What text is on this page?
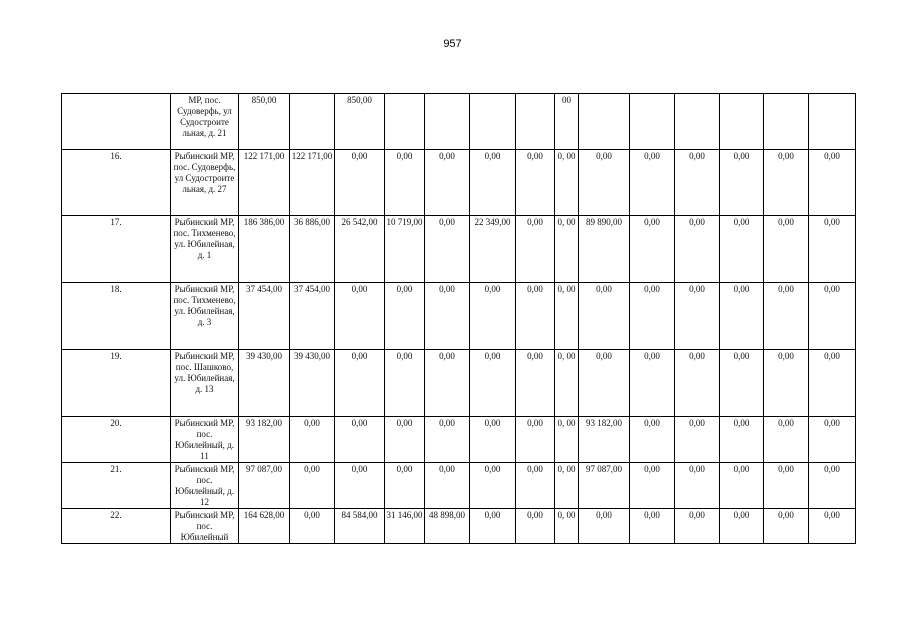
957
	МР, пос. Судоверфь, ул Судостроите льная, д. 21	850,00		850,00					00						
16.	Рыбинский МР, пос. Судоверфь, ул Судостроите льная, д. 27	122 171,00	122 171,00	0,00	0,00	0,00	0,00	0,00	0, 00	0,00	0,00	0,00	0,00	0,00	0,00
17.	Рыбинский МР, пос. Тихменево, ул. Юбилейная, д. 1	186 386,00	36 886,00	26 542,00	10 719,00	0,00	22 349,00	0,00	0, 00	89 890,00	0,00	0,00	0,00	0,00	0,00
18.	Рыбинский МР, пос. Тихменево, ул. Юбилейная, д. 3	37 454,00	37 454,00	0,00	0,00	0,00	0,00	0,00	0, 00	0,00	0,00	0,00	0,00	0,00	0,00
19.	Рыбинский МР, пос. Шашково, ул. Юбилейная, д. 13	39 430,00	39 430,00	0,00	0,00	0,00	0,00	0,00	0, 00	0,00	0,00	0,00	0,00	0,00	0,00
20.	Рыбинский МР, пос. Юбилейный, д. 11	93 182,00	0,00	0,00	0,00	0,00	0,00	0,00	0, 00	93 182,00	0,00	0,00	0,00	0,00	0,00
21.	Рыбинский МР, пос. Юбилейный, д. 12	97 087,00	0,00	0,00	0,00	0,00	0,00	0,00	0, 00	97 087,00	0,00	0,00	0,00	0,00	0,00
22.	Рыбинский МР, пос. Юбилейный	164 628,00	0,00	84 584,00	31 146,00	48 898,00	0,00	0,00	0, 00	0,00	0,00	0,00	0,00	0,00	0,00
